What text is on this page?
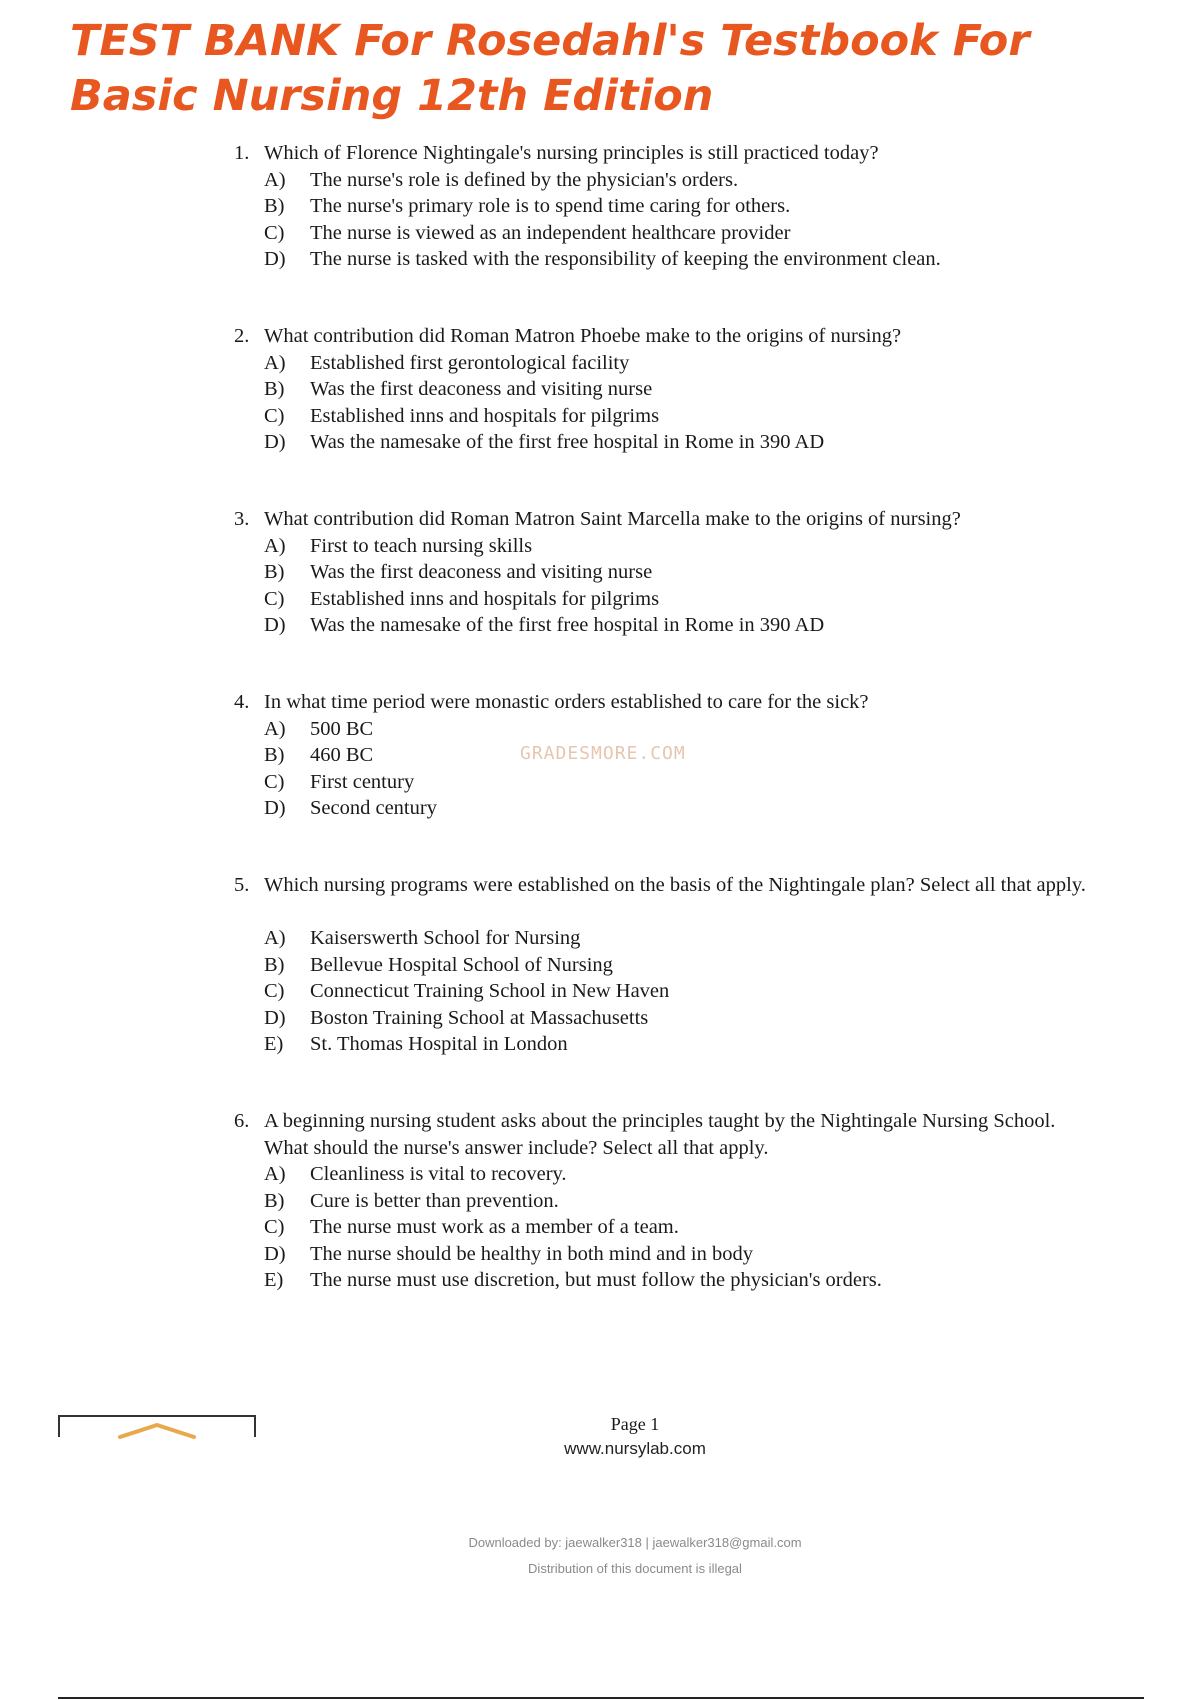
TEST BANK For Rosedahl's Testbook For Basic Nursing 12th Edition
1. Which of Florence Nightingale's nursing principles is still practiced today?
A)	The nurse's role is defined by the physician's orders.
B)	The nurse's primary role is to spend time caring for others.
C)	The nurse is viewed as an independent healthcare provider
D)	The nurse is tasked with the responsibility of keeping the environment clean.
2. What contribution did Roman Matron Phoebe make to the origins of nursing?
A)	Established first gerontological facility
B)	Was the first deaconess and visiting nurse
C)	Established inns and hospitals for pilgrims
D)	Was the namesake of the first free hospital in Rome in 390 AD
3. What contribution did Roman Matron Saint Marcella make to the origins of nursing?
A)	First to teach nursing skills
B)	Was the first deaconess and visiting nurse
C)	Established inns and hospitals for pilgrims
D)	Was the namesake of the first free hospital in Rome in 390 AD
4. In what time period were monastic orders established to care for the sick?
A)	500 BC
B)	460 BC
C)	First century
D)	Second century
5. Which nursing programs were established on the basis of the Nightingale plan? Select all that apply.
A)	Kaiserswerth School for Nursing
B)	Bellevue Hospital School of Nursing
C)	Connecticut Training School in New Haven
D)	Boston Training School at Massachusetts
E)	St. Thomas Hospital in London
6. A beginning nursing student asks about the principles taught by the Nightingale Nursing School. What should the nurse's answer include? Select all that apply.
A)	Cleanliness is vital to recovery.
B)	Cure is better than prevention.
C)	The nurse must work as a member of a team.
D)	The nurse should be healthy in both mind and in body
E)	The nurse must use discretion, but must follow the physician's orders.
GRADESMORE.COM
Page 1
www.nursylab.com
Downloaded by: jaewalker318 | jaewalker318@gmail.com
Distribution of this document is illegal
